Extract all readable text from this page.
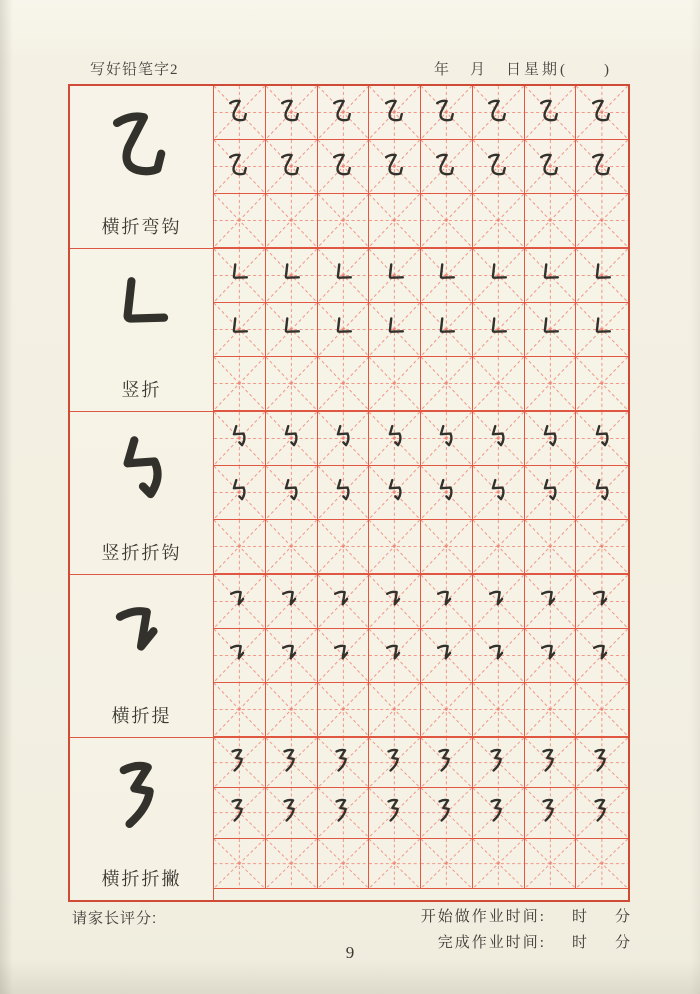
写好铅笔字2	年　月　日星期(　　)
横折弯钩
竖折
竖折折钩
横折提
横折折撇
请家长评分:	开始做作业时间: 时 分
完成作业时间: 时 分
9
